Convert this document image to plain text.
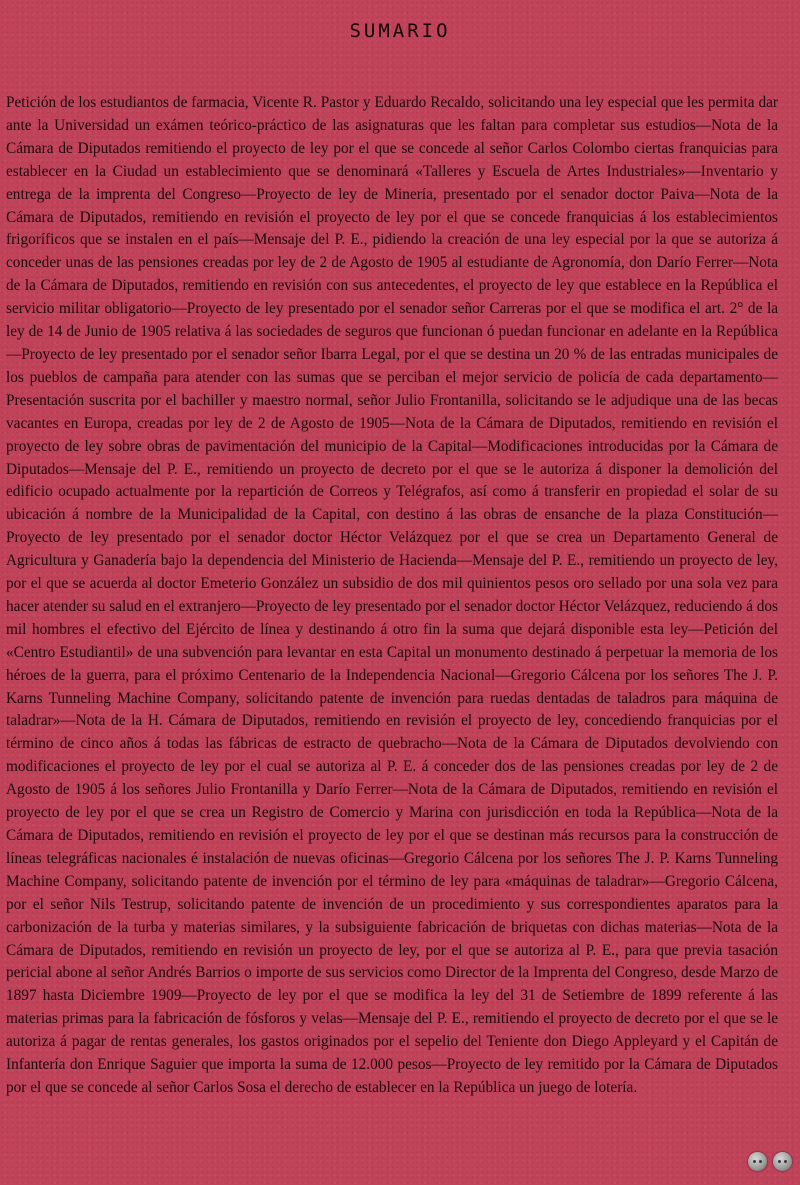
SUMARIO

Petición de los estudiantos de farmacia, Vicente R. Pastor y Eduardo Recaldo, solicitando una ley especial que les permita dar ante la Universidad un exámen teórico-práctico de las asignaturas que les faltan para completar sus estudios—Nota de la Cámara de Diputados remitiendo el proyecto de ley por el que se concede al señor Carlos Colombo ciertas franquicias para establecer en la Ciudad un establecimiento que se denominará «Talleres y Escuela de Artes Industriales»—Inventario y entrega de la imprenta del Congreso—Proyecto de ley de Minería, presentado por el senador doctor Paiva—Nota de la Cámara de Diputados, remitiendo en revisión el proyecto de ley por el que se concede franquicias á los establecimientos frigoríficos que se instalen en el país—Mensaje del P. E., pidiendo la creación de una ley especial por la que se autoriza á conceder unas de las pensiones creadas por ley de 2 de Agosto de 1905 al estudiante de Agronomía, don Darío Ferrer—Nota de la Cámara de Diputados, remitiendo en revisión con sus antecedentes, el proyecto de ley que establece en la República el servicio militar obligatorio—Proyecto de ley presentado por el senador señor Carreras por el que se modifica el art. 2° de la ley de 14 de Junio de 1905 relativa á las sociedades de seguros que funcionan ó puedan funcionar en adelante en la República—Proyecto de ley presentado por el senador señor Ibarra Legal, por el que se destina un 20 % de las entradas municipales de los pueblos de campaña para atender con las sumas que se perciban el mejor servicio de policía de cada departamento—Presentación suscrita por el bachiller y maestro normal, señor Julio Frontanilla, solicitando se le adjudique una de las becas vacantes en Europa, creadas por ley de 2 de Agosto de 1905—Nota de la Cámara de Diputados, remitiendo en revisión el proyecto de ley sobre obras de pavimentación del municipio de la Capital—Modificaciones introducidas por la Cámara de Diputados—Mensaje del P. E., remitiendo un proyecto de decreto por el que se le autoriza á disponer la demolición del edificio ocupado actualmente por la repartición de Correos y Telégrafos, así como á transferir en propiedad el solar de su ubicación á nombre de la Municipalidad de la Capital, con destino á las obras de ensanche de la plaza Constitución—Proyecto de ley presentado por el senador doctor Héctor Velázquez por el que se crea un Departamento General de Agricultura y Ganadería bajo la dependencia del Ministerio de Hacienda—Mensaje del P. E., remitiendo un proyecto de ley, por el que se acuerda al doctor Emeterio González un subsidio de dos mil quinientos pesos oro sellado por una sola vez para hacer atender su salud en el extranjero—Proyecto de ley presentado por el senador doctor Héctor Velázquez, reduciendo á dos mil hombres el efectivo del Ejército de línea y destinando á otro fin la suma que dejará disponible esta ley—Petición del «Centro Estudiantil» de una subvención para levantar en esta Capital un monumento destinado á perpetuar la memoria de los héroes de la guerra, para el próximo Centenario de la Independencia Nacional—Gregorio Cálcena por los señores The J. P. Karns Tunneling Machine Company, solicitando patente de invención para ruedas dentadas de taladros para máquina de taladrar»—Nota de la H. Cámara de Diputados, remitiendo en revisión el proyecto de ley, concediendo franquicias por el término de cinco años á todas las fábricas de estracto de quebracho—Nota de la Cámara de Diputados devolviendo con modificaciones el proyecto de ley por el cual se autoriza al P. E. á conceder dos de las pensiones creadas por ley de 2 de Agosto de 1905 á los señores Julio Frontanilla y Darío Ferrer—Nota de la Cámara de Diputados, remitiendo en revisión el proyecto de ley por el que se crea un Registro de Comercio y Marina con jurisdicción en toda la República—Nota de la Cámara de Diputados, remitiendo en revisión el proyecto de ley por el que se destinan más recursos para la construcción de líneas telegráficas nacionales é instalación de nuevas oficinas—Gregorio Cálcena por los señores The J. P. Karns Tunneling Machine Company, solicitando patente de invención por el término de ley para «máquinas de taladrar»—Gregorio Cálcena, por el señor Nils Testrup, solicitando patente de invención de un procedimiento y sus correspondientes aparatos para la carbonización de la turba y materias similares, y la subsiguiente fabricación de briquetas con dichas materias—Nota de la Cámara de Diputados, remitiendo en revisión un proyecto de ley, por el que se autoriza al P. E., para que previa tasación pericial abone al señor Andrés Barrios o importe de sus servicios como Director de la Imprenta del Congreso, desde Marzo de 1897 hasta Diciembre 1909—Proyecto de ley por el que se modifica la ley del 31 de Setiembre de 1899 referente á las materias primas para la fabricación de fósforos y velas—Mensaje del P. E., remitiendo el proyecto de decreto por el que se le autoriza á pagar de rentas generales, los gastos originados por el sepelio del Teniente don Diego Appleyard y el Capitán de Infantería don Enrique Saguier que importa la suma de 12.000 pesos—Proyecto de ley remitido por la Cámara de Diputados por el que se concede al señor Carlos Sosa el derecho de establecer en la República un juego de lotería.
